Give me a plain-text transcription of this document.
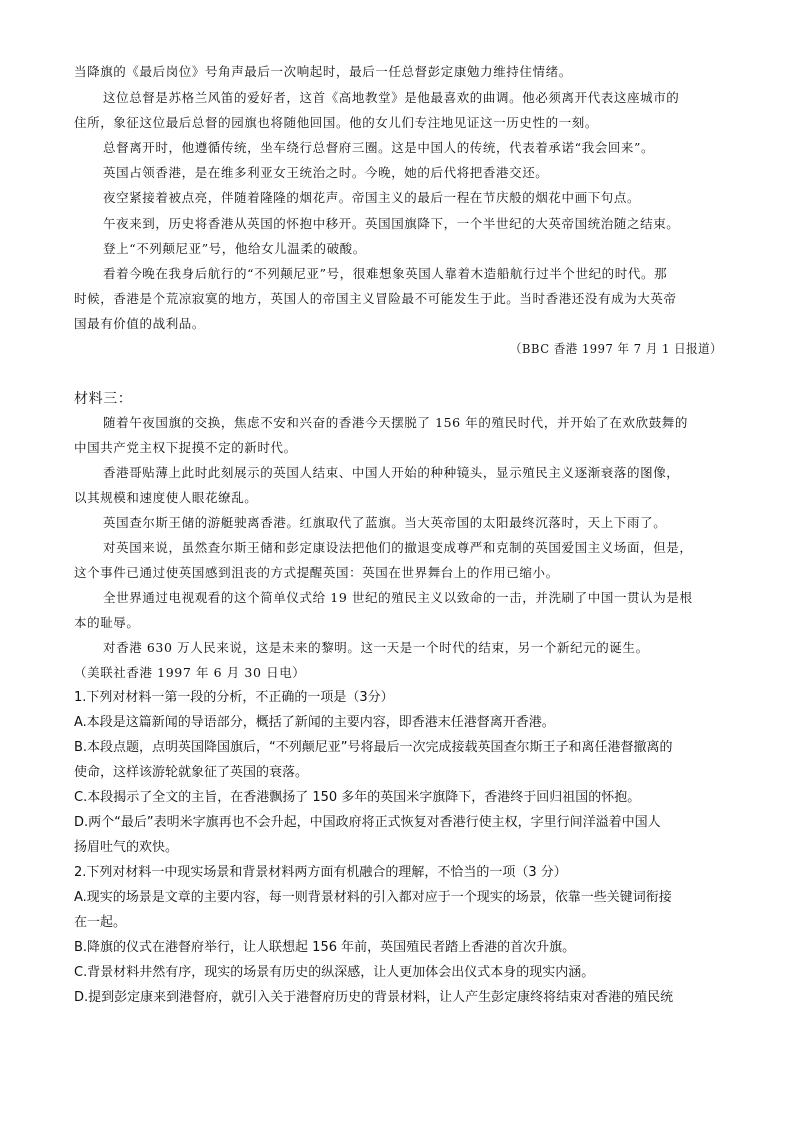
当降旗的《最后岗位》号角声最后一次响起时，最后一任总督彭定康勉力维持住情绪。
这位总督是苏格兰风笛的爱好者，这首《高地教堂》是他最喜欢的曲调。他必须离开代表这座城市的
住所，象征这位最后总督的园旗也将随他回国。他的女儿们专注地见证这一历史性的一刻。
总督离开时，他遵循传统，坐车绕行总督府三圈。这是中国人的传统，代表着承诺“我会回来”。
英国占领香港，是在维多利亚女王统治之时。今晚，她的后代将把香港交还。
夜空紧接着被点亮，伴随着隆隆的烟花声。帝国主义的最后一程在节庆般的烟花中画下句点。
午夜来到，历史将香港从英国的怀抱中移开。英国国旗降下，一个半世纪的大英帝国统治随之结束。
登上“不列颠尼亚”号，他给女儿温柔的破酸。
看着今晚在我身后航行的“不列颠尼亚”号，很难想象英国人靠着木造船航行过半个世纪的时代。那
时候，香港是个荒凉寂寞的地方，英国人的帝国主义冒险最不可能发生于此。当时香港还没有成为大英帝
国最有价值的战利品。
（BBC 香港 1997 年 7 月 1 日报道）
材料三：
随着午夜国旗的交换，焦虑不安和兴奋的香港今天摆脱了 156 年的殖民时代，并开始了在欢欣鼓舞的
中国共产党主权下捉摸不定的新时代。
香港哥贴薄上此时此刻展示的英国人结束、中国人开始的种种镜头，显示殖民主义逐渐衰落的图像，
以其规模和速度使人眼花缭乱。
英国查尔斯王储的游艇驶离香港。红旗取代了蓝旗。当大英帝国的太阳最终沉落时，天上下雨了。
对英国来说，虽然查尔斯王储和彭定康设法把他们的撤退变成尊严和克制的英国爱国主义场面，但是，
这个事件已通过使英国感到沮丧的方式提醒英国：英国在世界舞台上的作用已缩小。
全世界通过电视观看的这个简单仪式给 19 世纪的殖民主义以致命的一击，并洗刷了中国一贯认为是根
本的耻辱。
对香港 630 万人民来说，这是未来的黎明。这一天是一个时代的结束，另一个新纪元的诞生。
（美联社香港 1997 年 6 月 30 日电）
1.下列对材料一第一段的分析，不正确的一项是（3分）
A.本段是这篇新闻的导语部分，概括了新闻的主要内容，即香港末任港督离开香港。
B.本段点题，点明英国降国旗后，“不列颠尼亚”号将最后一次完成接载英国查尔斯王子和离任港督撤离的
使命，这样该游轮就象征了英国的衰落。
C.本段揭示了全文的主旨，在香港飘扬了 150 多年的英国米字旗降下，香港终于回归祖国的怀抱。
D.两个“最后”表明米字旗再也不会升起，中国政府将正式恢复对香港行使主权，字里行间洋溢着中国人
扬眉吐气的欢快。
2.下列对材料一中现实场景和背景材料两方面有机融合的理解，不恰当的一项（3 分）
A.现实的场景是文章的主要内容，每一则背景材料的引入都对应于一个现实的场景，依靠一些关键词衔接
在一起。
B.降旗的仪式在港督府举行，让人联想起 156 年前，英国殖民者踏上香港的首次升旗。
C.背景材料井然有序，现实的场景有历史的纵深感，让人更加体会出仪式本身的现实内涵。
D.提到彭定康来到港督府，就引入关于港督府历史的背景材料，让人产生彭定康终将结束对香港的殖民统
